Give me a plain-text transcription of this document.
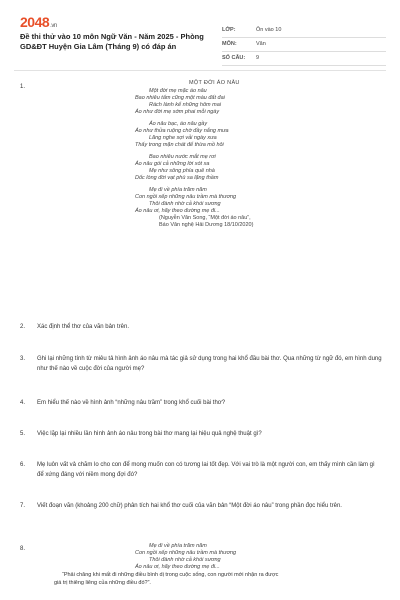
2048.vn
Đề thi thử vào 10 môn Ngữ Văn - Năm 2025 - Phòng GD&ĐT Huyện Gia Lâm (Tháng 9) có đáp án
LỚP:	Ôn vào 10
MÔN:	Văn
SỐ CÂU:	9
1.
MỘT ĐỜI ÁO NÂU
Một đời mẹ mặc áo nâu
Bao nhiêu tấm cũng một màu đất đai
Rách lành kể những hôm mai
Áo như đời mẹ sớm phai mỗi ngày
Áo nâu bạc, áo nâu gầy
Áo như thửa ruộng chờ đầy nắng mưa
Lăng nghe sợi vải ngày xưa
Thấy trong mặn chát để thừa mồ hôi
Bao nhiêu nước mắt mẹ rơi
Áo nâu gói cả những lời xót xa
Mẹ như sông phía quê nhà
Dốc lòng đời vạt phù sa lặng thầm
Mẹ đi về phía trăm năm
Con ngồi xếp những nâu trầm mà thương
Thôi đành nhờ cả khói sương
Áo nâu ơi, hãy theo đường mẹ đi...
(Nguyễn Văn Song, “Một đời áo nâu”,
Báo Văn nghệ Hải Dương 18/10/2020)
2. Xác định thể thơ của văn bản trên.
3. Ghi lại những tính từ miêu tả hình ảnh áo nâu mà tác giả sử dụng trong hai khổ đầu bài thơ. Qua những từ ngữ đó, em hình dung như thế nào về cuộc đời của người mẹ?
4. Em hiểu thế nào về hình ảnh “những nâu trầm” trong khổ cuối bài thơ?
5. Việc lặp lại nhiều lần hình ảnh áo nâu trong bài thơ mang lại hiệu quả nghệ thuật gì?
6. Mẹ luôn vất vả chăm lo cho con để mong muốn con có tương lai tốt đẹp. Với vai trò là một người con, em thấy mình cần làm gì để xứng đáng với niềm mong đợi đó?
7. Viết đoạn văn (khoảng 200 chữ) phân tích hai khổ thơ cuối của văn bản “Một đời áo nâu” trong phần đọc hiểu trên.
8.	Mẹ đi về phía trăm năm
Con ngồi xếp những nâu trầm mà thương
Thôi đành nhờ cả khói sương
Áo nâu ơi, hãy theo đường mẹ đi...
“Phải chăng khi mất đi những điều bình dị trong cuộc sống, con người mới nhận ra được
giá trị thiêng liêng của những điều đó?”.
